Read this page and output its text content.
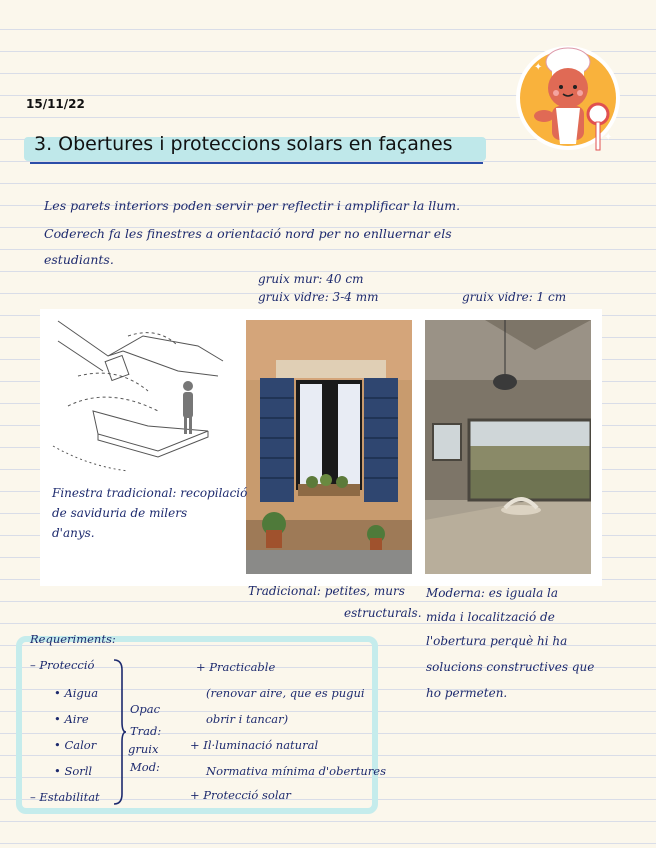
15/11/22
3. Obertures i proteccions solars en façanes
✦
✦
Les parets interiors poden servir per reflectir i amplificar la llum.
Coderech fa les finestres a orientació nord per no enlluernar els
estudiants.
gruix mur: 40 cm
gruix vidre: 3-4 mm	gruix vidre: 1 cm
Finestra tradicional: recopilació
de saviduria de milers
d'anys.
Tradicional: petites, murs
estructurals.
Moderna: es iguala la
mida i localització de
l'obertura perquè hi ha
solucions constructives que
ho permeten.
Requeriments:
– Protecció
• Aigua
• Aire
• Calor
• Sorll
– Estabilitat
Opac
Trad:
gruix
Mod:
+ Practicable
(renovar aire, que es pugui
obrir i tancar)
+ Il·luminació natural
Normativa mínima d'obertures
+ Protecció solar
